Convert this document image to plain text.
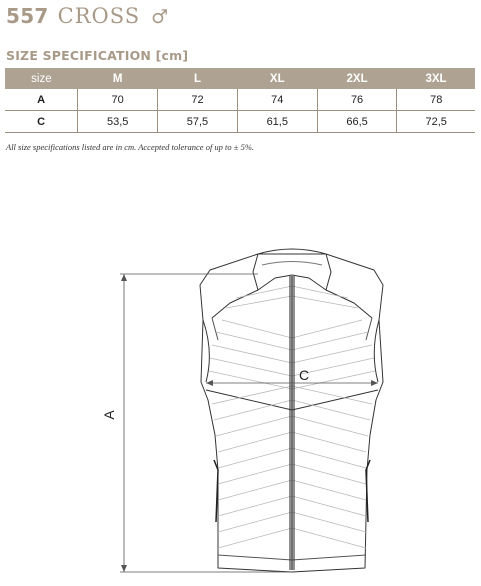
557 CROSS ♂
SIZE SPECIFICATION [cm]
size	M	L	XL	2XL	3XL
A	70	72	74	76	78
C	53,5	57,5	61,5	66,5	72,5
All size specifications listed are in cm. Accepted tolerance of up to ± 5%.
A
C
